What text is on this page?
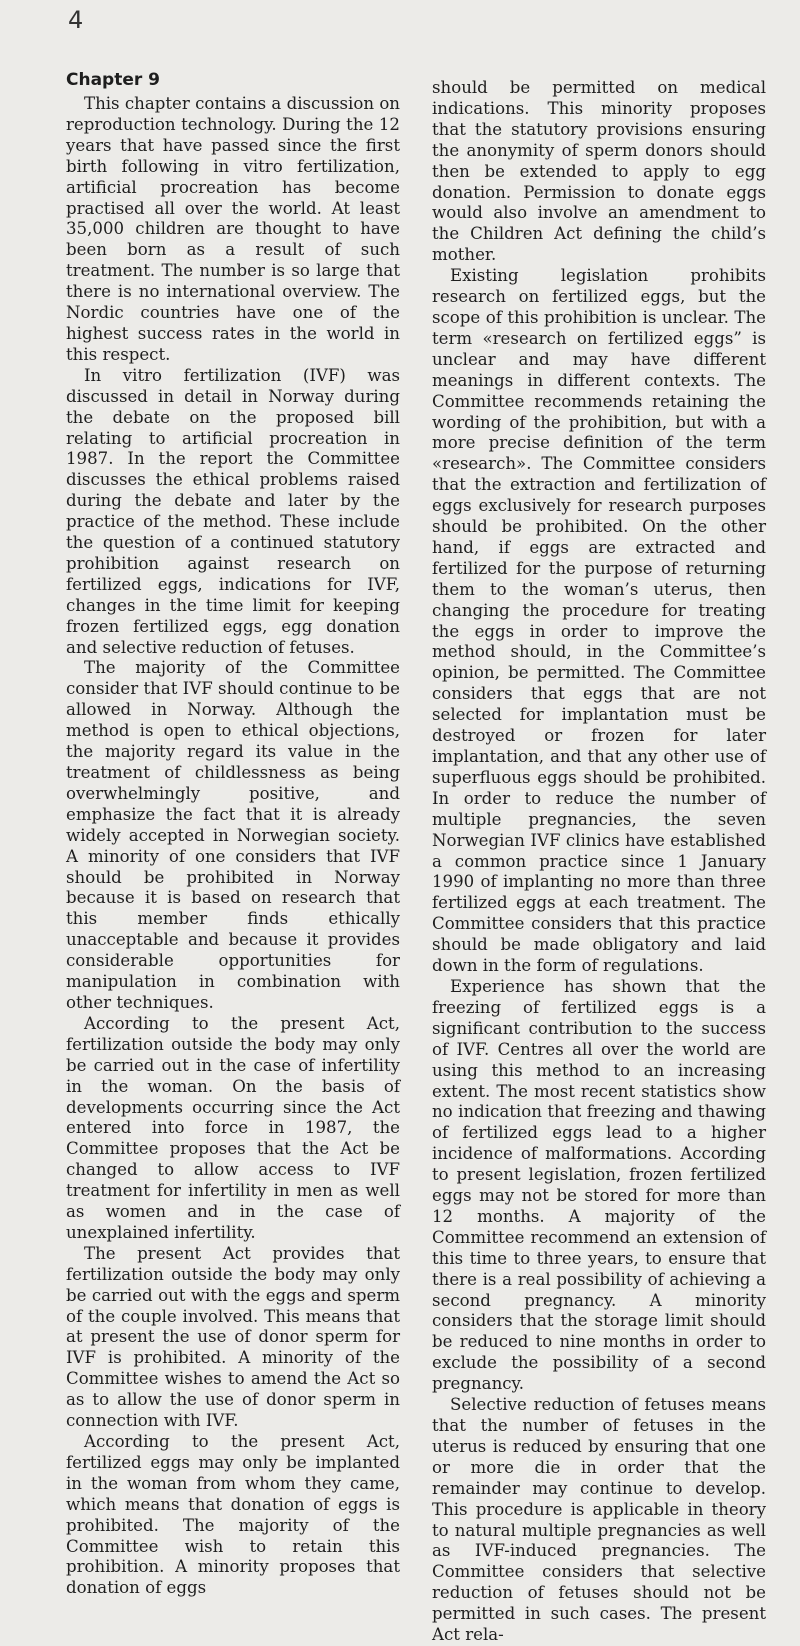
4
Chapter 9

This chapter contains a discussion on reproduction technology. During the 12 years that have passed since the first birth following in vitro fertilization, artificial procreation has become practised all over the world. At least 35,000 children are thought to have been born as a result of such treatment. The number is so large that there is no international overview. The Nordic countries have one of the highest success rates in the world in this respect.

In vitro fertilization (IVF) was discussed in detail in Norway during the debate on the proposed bill relating to artificial procreation in 1987. In the report the Committee discusses the ethical problems raised during the debate and later by the practice of the method. These include the question of a continued statutory prohibition against research on fertilized eggs, indications for IVF, changes in the time limit for keeping frozen fertilized eggs, egg donation and selective reduction of fetuses.

The majority of the Committee consider that IVF should continue to be allowed in Norway. Although the method is open to ethical objections, the majority regard its value in the treatment of childlessness as being overwhelmingly positive, and emphasize the fact that it is already widely accepted in Norwegian society. A minority of one considers that IVF should be prohibited in Norway because it is based on research that this member finds ethically unacceptable and because it provides considerable opportunities for manipulation in combination with other techniques.

According to the present Act, fertilization outside the body may only be carried out in the case of infertility in the woman. On the basis of developments occurring since the Act entered into force in 1987, the Committee proposes that the Act be changed to allow access to IVF treatment for infertility in men as well as women and in the case of unexplained infertility.

The present Act provides that fertilization outside the body may only be carried out with the eggs and sperm of the couple involved. This means that at present the use of donor sperm for IVF is prohibited. A minority of the Committee wishes to amend the Act so as to allow the use of donor sperm in connection with IVF.

According to the present Act, fertilized eggs may only be implanted in the woman from whom they came, which means that donation of eggs is prohibited. The majority of the Committee wish to retain this prohibition. A minority proposes that donation of eggs

should be permitted on medical indications. This minority proposes that the statutory provisions ensuring the anonymity of sperm donors should then be extended to apply to egg donation. Permission to donate eggs would also involve an amendment to the Children Act defining the child’s mother.

Existing legislation prohibits research on fertilized eggs, but the scope of this prohibition is unclear. The term «research on fertilized eggs” is unclear and may have different meanings in different contexts. The Committee recommends retaining the wording of the prohibition, but with a more precise definition of the term «research». The Committee considers that the extraction and fertilization of eggs exclusively for research purposes should be prohibited. On the other hand, if eggs are extracted and fertilized for the purpose of returning them to the woman’s uterus, then changing the procedure for treating the eggs in order to improve the method should, in the Committee’s opinion, be permitted. The Committee considers that eggs that are not selected for implantation must be destroyed or frozen for later implantation, and that any other use of superfluous eggs should be prohibited. In order to reduce the number of multiple pregnancies, the seven Norwegian IVF clinics have established a common practice since 1 January 1990 of implanting no more than three fertilized eggs at each treatment. The Committee considers that this practice should be made obligatory and laid down in the form of regulations.

Experience has shown that the freezing of fertilized eggs is a significant contribution to the success of IVF. Centres all over the world are using this method to an increasing extent. The most recent statistics show no indication that freezing and thawing of fertilized eggs lead to a higher incidence of malformations. According to present legislation, frozen fertilized eggs may not be stored for more than 12 months. A majority of the Committee recommend an extension of this time to three years, to ensure that there is a real possibility of achieving a second pregnancy. A minority considers that the storage limit should be reduced to nine months in order to exclude the possibility of a second pregnancy.

Selective reduction of fetuses means that the number of fetuses in the uterus is reduced by ensuring that one or more die in order that the remainder may continue to develop. This procedure is applicable in theory to natural multiple pregnancies as well as IVF-induced pregnancies. The Committee considers that selective reduction of fetuses should not be permitted in such cases. The present Act rela-
